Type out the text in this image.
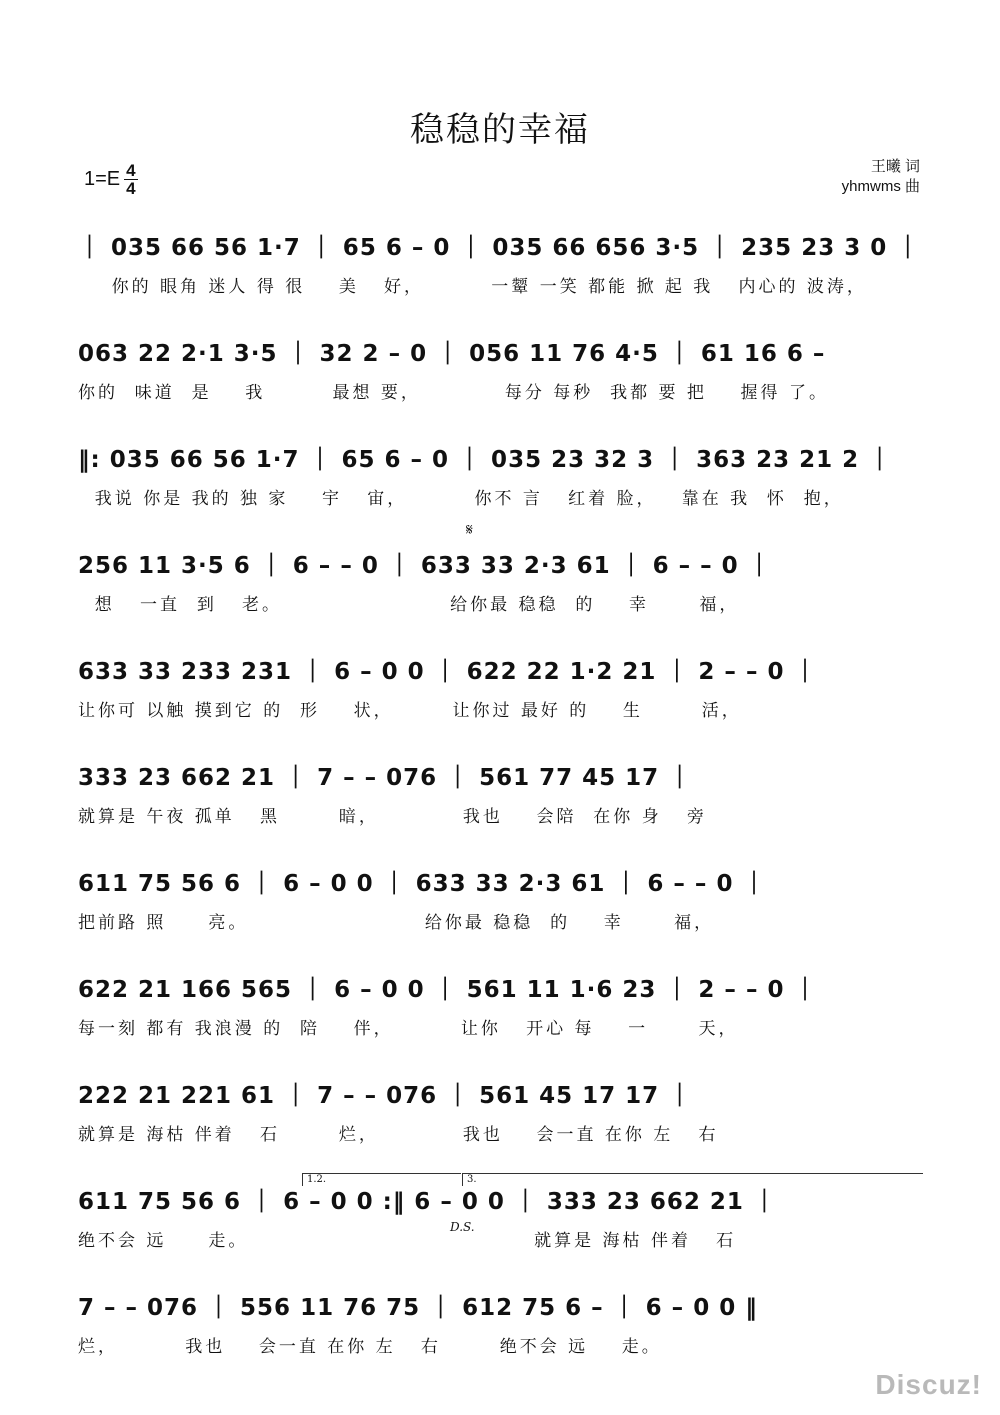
稳稳的幸福
$1=E \frac{4}{4}$	王曦 词
yhmwms 曲
｜ 035 66 56 1·7 ｜ 65 6 – 0 ｜ 035 66 656 3·5 ｜ 235 23 3 0 ｜
你的 眼角 迷人 得 很    美   好，        一颦 一笑 都能 掀 起 我   内心的 波涛，
063 22 2·1 3·5 ｜ 32 2 – 0 ｜ 056 11 76 4·5 ｜ 61 16 6 –
你的  味道  是    我        最想 要，          每分 每秒  我都 要 把    握得 了。
‖: 035 66 56 1·7 ｜ 65 6 – 0 ｜ 035 23 32 3 ｜ 363 23 21 2 ｜
我说 你是 我的 独 家    宇   宙，        你不 言   红着 脸，   靠在 我  怀  抱，
256 11 3·5 6 ｜ 6 – – 0 ｜ 633 33 2·3 61 ｜ 6 – – 0 ｜
想   一直  到   老。                    给你最 稳稳  的    幸      福，
633 33 233 231 ｜ 6 – 0 0 ｜ 622 22 1·2 21 ｜ 2 – – 0 ｜
让你可 以触 摸到它 的  形    状，       让你过 最好 的    生       活，
333 23 662 21 ｜ 7 – – 076 ｜ 561 77 45 17 ｜
就算是 午夜 孤单   黑       暗，          我也    会陪  在你 身   旁
611 75 56 6 ｜ 6 – 0 0 ｜ 633 33 2·3 61 ｜ 6 – – 0 ｜
把前路 照     亮。                     给你最 稳稳  的    幸      福，
622 21 166 565 ｜ 6 – 0 0 ｜ 561 11 1·6 23 ｜ 2 – – 0 ｜
每一刻 都有 我浪漫 的  陪    伴，        让你   开心 每    一      天，
222 21 221 61 ｜ 7 – – 076 ｜ 561 45 17 17 ｜
就算是 海枯 伴着   石       烂，          我也    会一直 在你 左   右
611 75 56 6 ｜ 6 – 0 0 :‖ 6 – 0 0 ｜ 333 23 662 21 ｜
绝不会 远     走。                                  就算是 海枯 伴着   石
7 – – 076 ｜ 556 11 76 75 ｜ 612 75 6 – ｜ 6 – 0 0 ‖
烂，        我也    会一直 在你 左   右       绝不会 远    走。
𝄋
D.S.
1.2.	3.
Discuz!
